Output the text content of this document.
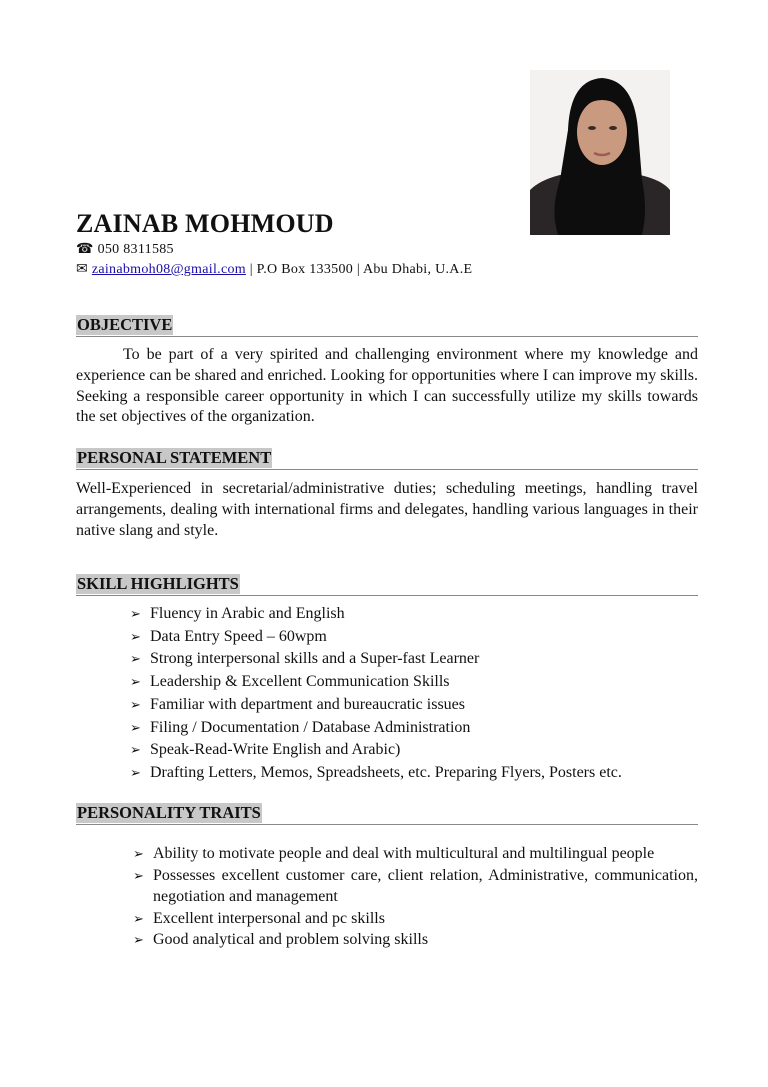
ZAINAB MOHMOUD
☎ 050 8311585
✉ zainabmoh08@gmail.com | P.O Box 133500 | Abu Dhabi, U.A.E
OBJECTIVE
To be part of a very spirited and challenging environment where my knowledge and experience can be shared and enriched. Looking for opportunities where I can improve my skills. Seeking a responsible career opportunity in which I can successfully utilize my skills towards the set objectives of the organization.
PERSONAL STATEMENT
Well-Experienced in secretarial/administrative duties; scheduling meetings, handling travel arrangements, dealing with international firms and delegates, handling various languages in their native slang and style.
SKILL HIGHLIGHTS
➢ Fluency in Arabic and English
➢ Data Entry Speed – 60wpm
➢ Strong interpersonal skills and a Super-fast Learner
➢ Leadership & Excellent Communication Skills
➢ Familiar with department and bureaucratic issues
➢ Filing / Documentation / Database Administration
➢ Speak-Read-Write English and Arabic)
➢ Drafting Letters, Memos, Spreadsheets, etc. Preparing Flyers, Posters etc.
PERSONALITY TRAITS
➢ Ability to motivate people and deal with multicultural and multilingual people
➢ Possesses excellent customer care, client relation, Administrative, communication, negotiation and management
➢ Excellent interpersonal and pc skills
➢ Good analytical and problem solving skills
